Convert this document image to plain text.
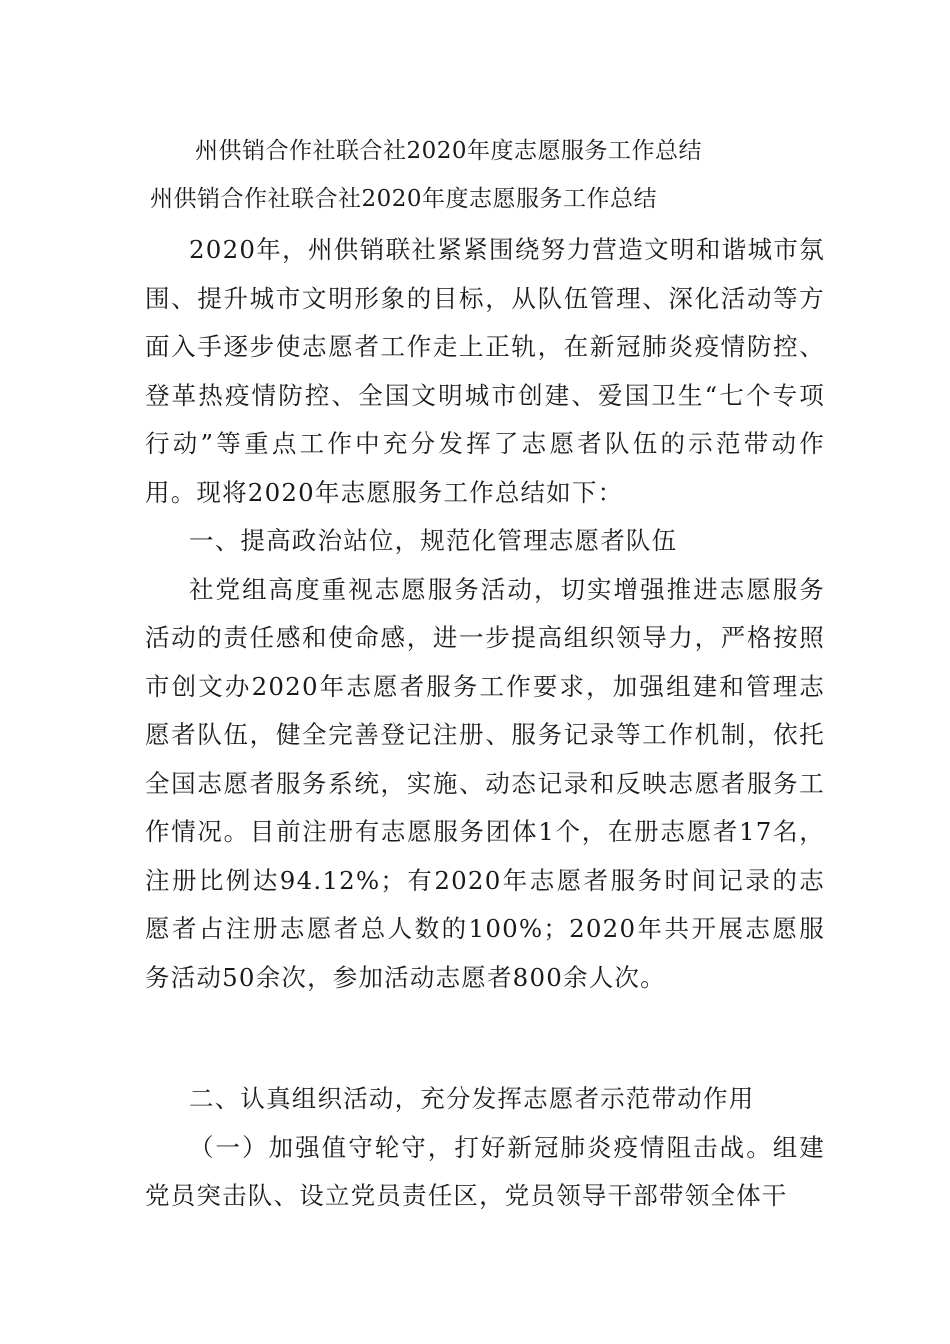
州供销合作社联合社2020年度志愿服务工作总结
州供销合作社联合社2020年度志愿服务工作总结

2020年，州供销联社紧紧围绕努力营造文明和谐城市氛围、提升城市文明形象的目标，从队伍管理、深化活动等方面入手逐步使志愿者工作走上正轨，在新冠肺炎疫情防控、登革热疫情防控、全国文明城市创建、爱国卫生“七个专项行动”等重点工作中充分发挥了志愿者队伍的示范带动作用。现将2020年志愿服务工作总结如下：

一、提高政治站位，规范化管理志愿者队伍

社党组高度重视志愿服务活动，切实增强推进志愿服务活动的责任感和使命感，进一步提高组织领导力，严格按照市创文办2020年志愿者服务工作要求，加强组建和管理志愿者队伍，健全完善登记注册、服务记录等工作机制，依托全国志愿者服务系统，实施、动态记录和反映志愿者服务工作情况。目前注册有志愿服务团体1个，在册志愿者17名，注册比例达94.12%；有2020年志愿者服务时间记录的志愿者占注册志愿者总人数的100%；2020年共开展志愿服务活动50余次，参加活动志愿者800余人次。

二、认真组织活动，充分发挥志愿者示范带动作用

（一）加强值守轮守，打好新冠肺炎疫情阻击战。组建党员突击队、设立党员责任区，党员领导干部带领全体干
